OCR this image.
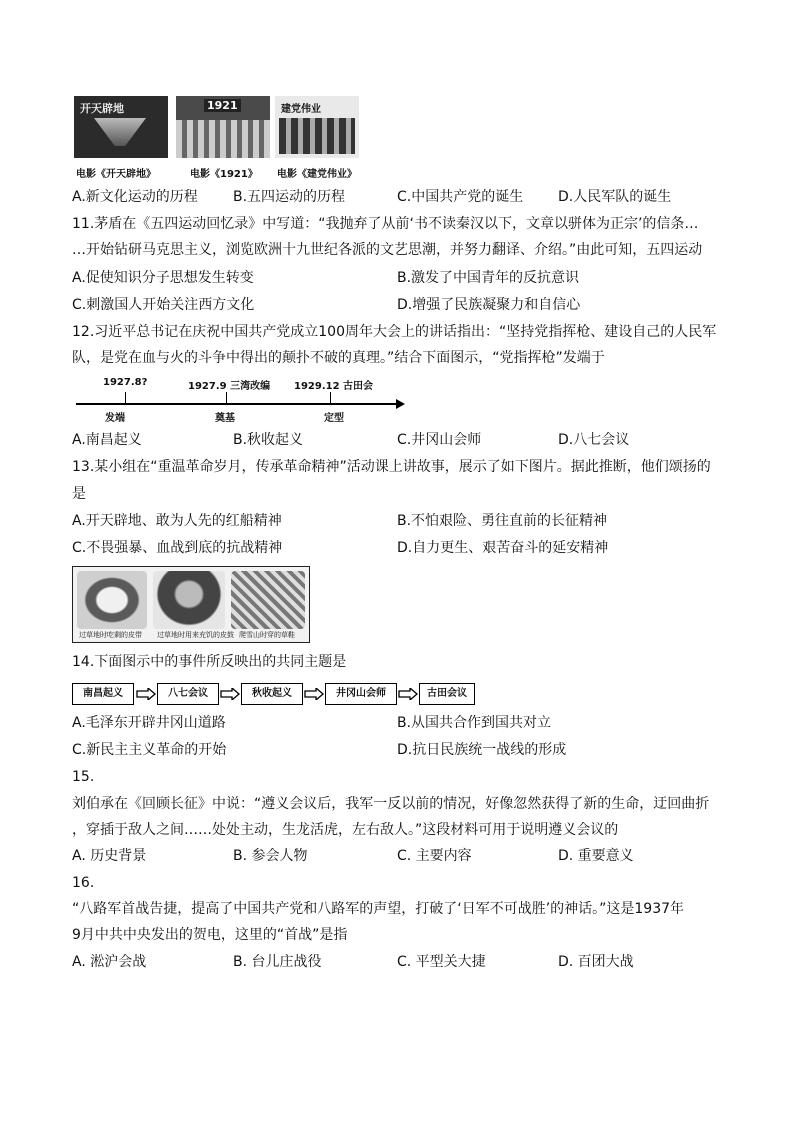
开天辟地	1921	建党伟业
电影《开天辟地》	电影《1921》 电影《建党伟业》
A.新文化运动的历程	B.五四运动的历程	C.中国共产党的诞生 D.人民军队的诞生
11.茅盾在《五四运动回忆录》中写道：“我抛弃了从前‘书不读秦汉以下，文章以骈体为正宗’的信条…
…开始钻研马克思主义，浏览欧洲十九世纪各派的文艺思潮，并努力翻译、介绍。”由此可知，五四运动
A.促使知识分子思想发生转变	B.激发了中国青年的反抗意识
C.刺激国人开始关注西方文化	D.增强了民族凝聚力和自信心
12.习近平总书记在庆祝中国共产党成立100周年大会上的讲话指出：“坚持党指挥枪、建设自己的人民军
队，是党在血与火的斗争中得出的颠扑不破的真理。”结合下面图示，“党指挥枪”发端于
1927.8?	1927.9 三湾改编 1929.12 古田会
发端	奠基	定型
A.南昌起义	B.秋收起义	C.井冈山会师	D.八七会议
13.某小组在“重温革命岁月，传承革命精神”活动课上讲故事，展示了如下图片。据此推断，他们颂扬的
是
A.开天辟地、敢为人先的红船精神	B.不怕艰险、勇往直前的长征精神
C.不畏强暴、血战到底的抗战精神	D.自力更生、艰苦奋斗的延安精神
过草地时吃剩的皮带 过草地时用来充饥的皮鼓 爬雪山时穿的草鞋
14.下面图示中的事件所反映出的共同主题是
南昌起义	八七会议	秋收起义	井冈山会师	古田会议
A.毛泽东开辟井冈山道路	B.从国共合作到国共对立
C.新民主主义革命的开始	D.抗日民族统一战线的形成
15.
刘伯承在《回顾长征》中说：“遵义会议后，我军一反以前的情况，好像忽然获得了新的生命，迂回曲折
，穿插于敌人之间……处处主动，生龙活虎，左右敌人。”这段材料可用于说明遵义会议的
A. 历史背景	B. 参会人物	C. 主要内容	D. 重要意义
16.
“八路军首战告捷，提高了中国共产党和八路军的声望，打破了‘日军不可战胜’的神话。”这是1937年
9月中共中央发出的贺电，这里的“首战”是指
A. 淞沪会战	B. 台儿庄战役	C. 平型关大捷	D. 百团大战
